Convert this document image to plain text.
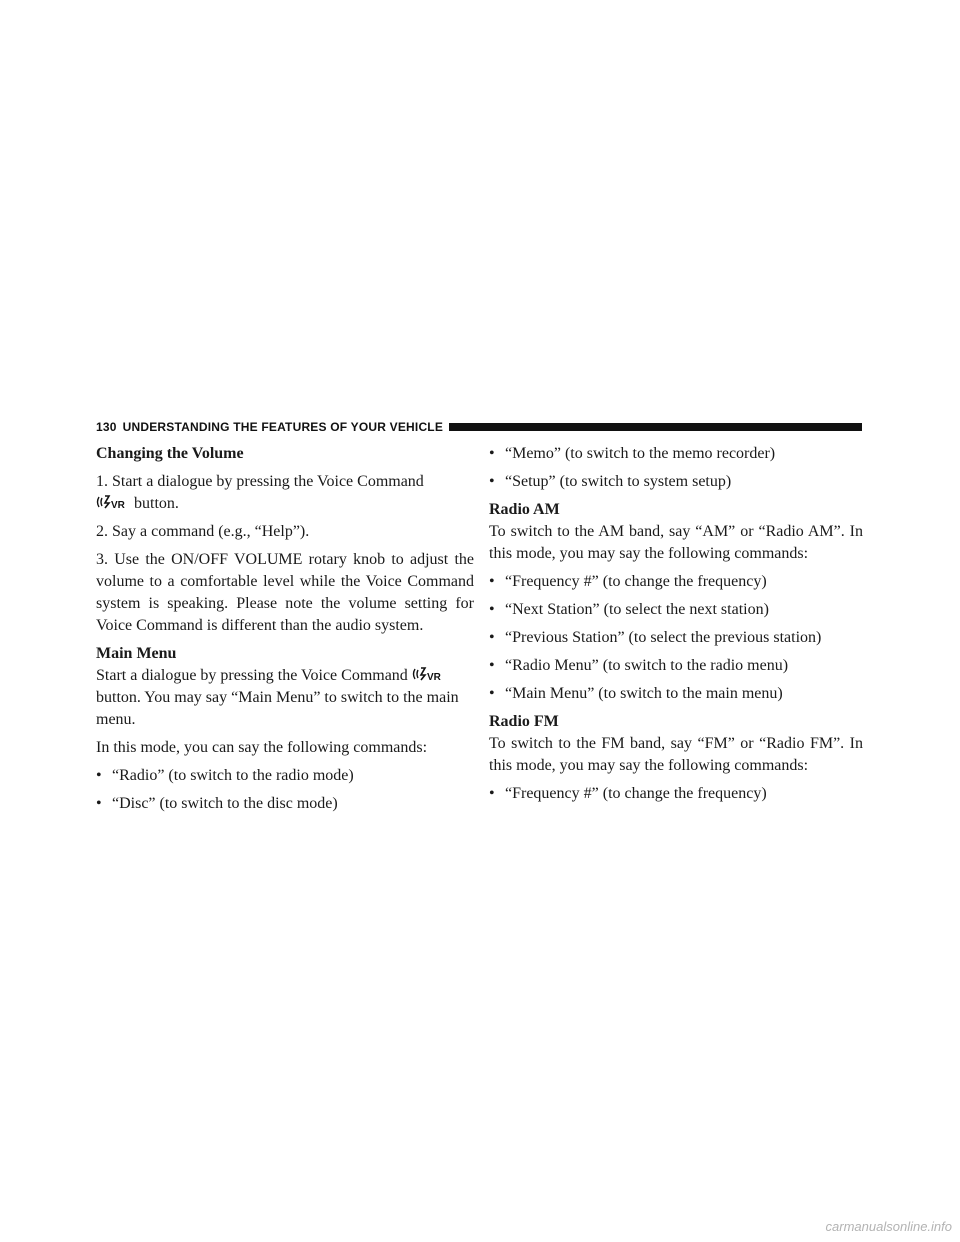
130 UNDERSTANDING THE FEATURES OF YOUR VEHICLE

Changing the Volume

1. Start a dialogue by pressing the Voice Command

VR button.

2. Say a command (e.g., “Help”).

3. Use the ON/OFF VOLUME rotary knob to adjust the volume to a comfortable level while the Voice Command system is speaking. Please note the volume setting for Voice Command is different than the audio system.

Main Menu

Start a dialogue by pressing the Voice Command VR
button. You may say “Main Menu” to switch to the main menu.

In this mode, you can say the following commands:

• “Radio” (to switch to the radio mode)
• “Disc” (to switch to the disc mode)
• “Memo” (to switch to the memo recorder)
• “Setup” (to switch to system setup)

Radio AM

To switch to the AM band, say “AM” or “Radio AM”. In this mode, you may say the following commands:

• “Frequency #” (to change the frequency)
• “Next Station” (to select the next station)
• “Previous Station” (to select the previous station)
• “Radio Menu” (to switch to the radio menu)
• “Main Menu” (to switch to the main menu)

Radio FM

To switch to the FM band, say “FM” or “Radio FM”. In this mode, you may say the following commands:

• “Frequency #” (to change the frequency)
carmanualsonline.info
